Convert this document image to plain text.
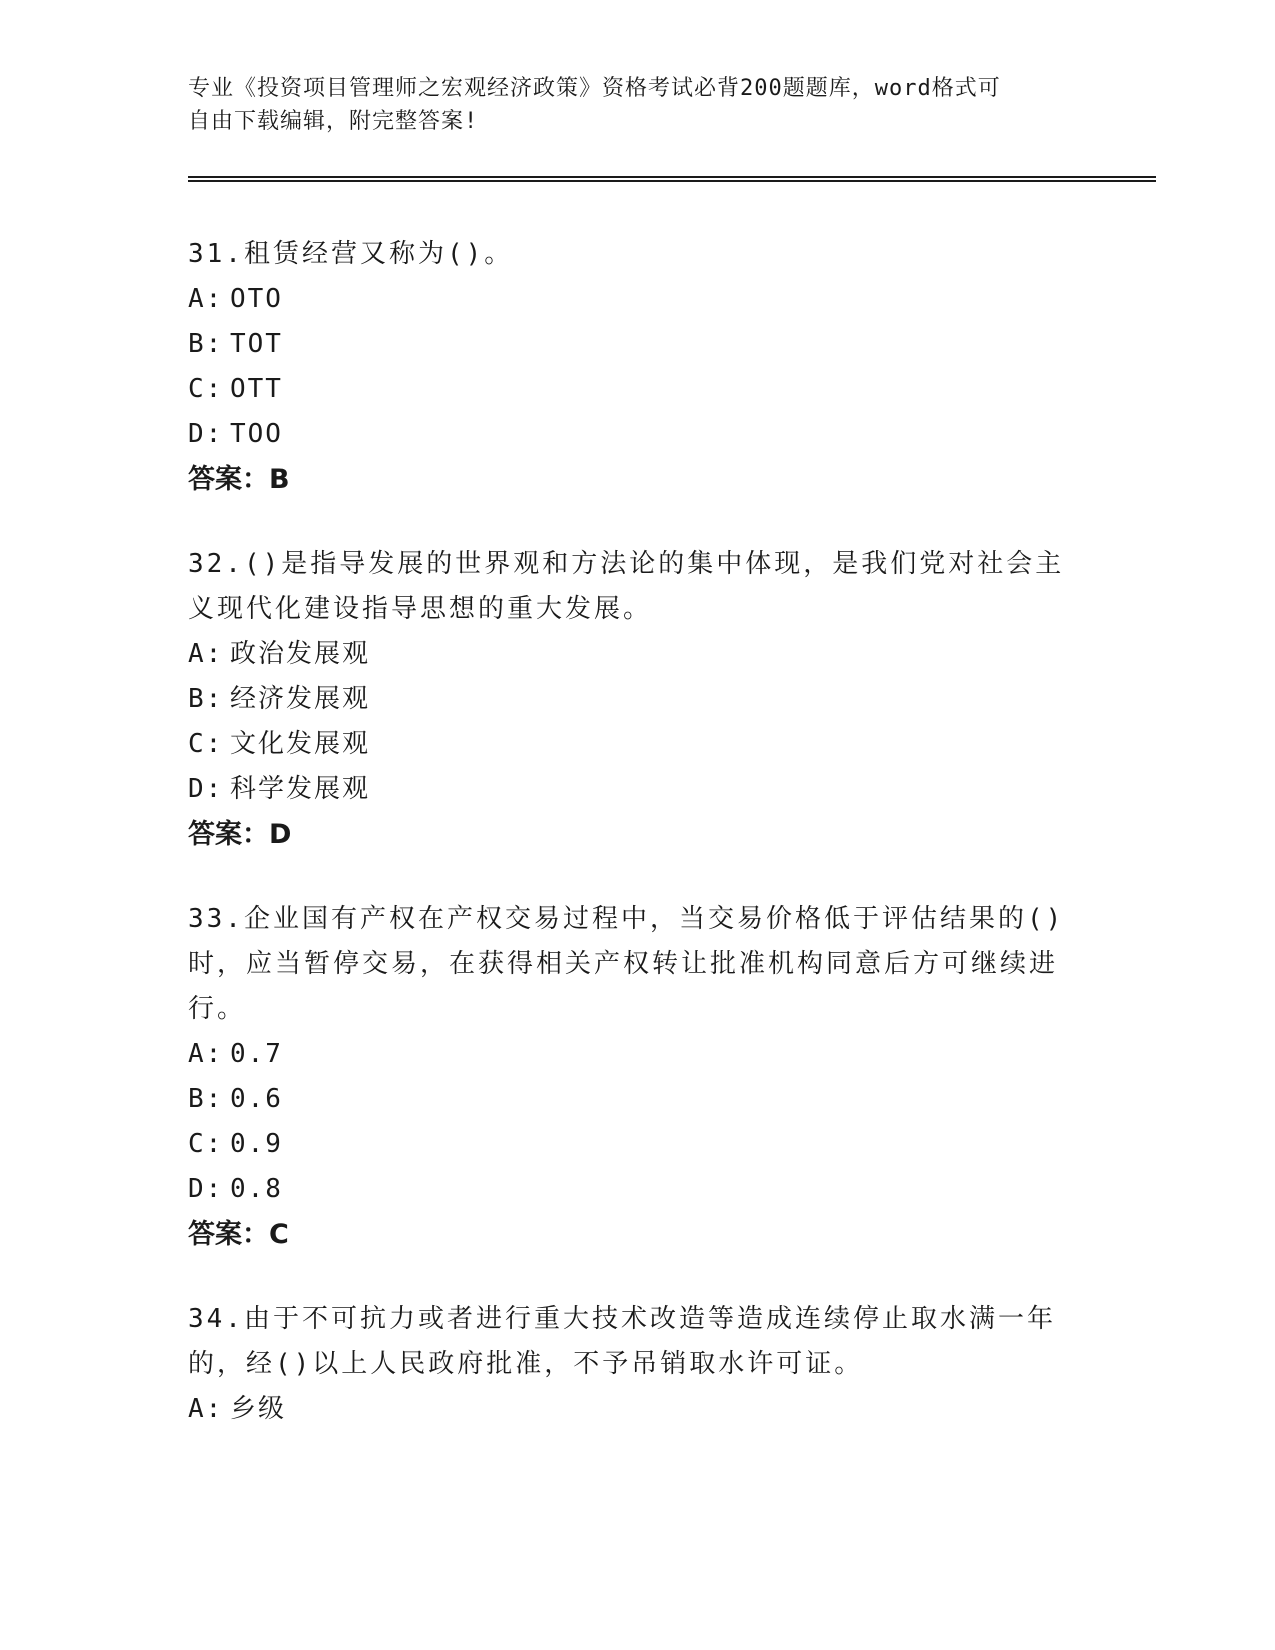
专业《投资项目管理师之宏观经济政策》资格考试必背200题题库，word格式可
自由下载编辑，附完整答案!

31.租赁经营又称为()。

A: OTO

B: TOT

C: OTT

D: TOO

答案：B

32.()是指导发展的世界观和方法论的集中体现，是我们党对社会主义现代化建设指导思想的重大发展。

A: 政治发展观

B: 经济发展观

C: 文化发展观

D: 科学发展观

答案：D

33.企业国有产权在产权交易过程中，当交易价格低于评估结果的()时，应当暂停交易，在获得相关产权转让批准机构同意后方可继续进行。

A: 0.7

B: 0.6

C: 0.9

D: 0.8

答案：C

34.由于不可抗力或者进行重大技术改造等造成连续停止取水满一年的，经()以上人民政府批准，不予吊销取水许可证。

A: 乡级
